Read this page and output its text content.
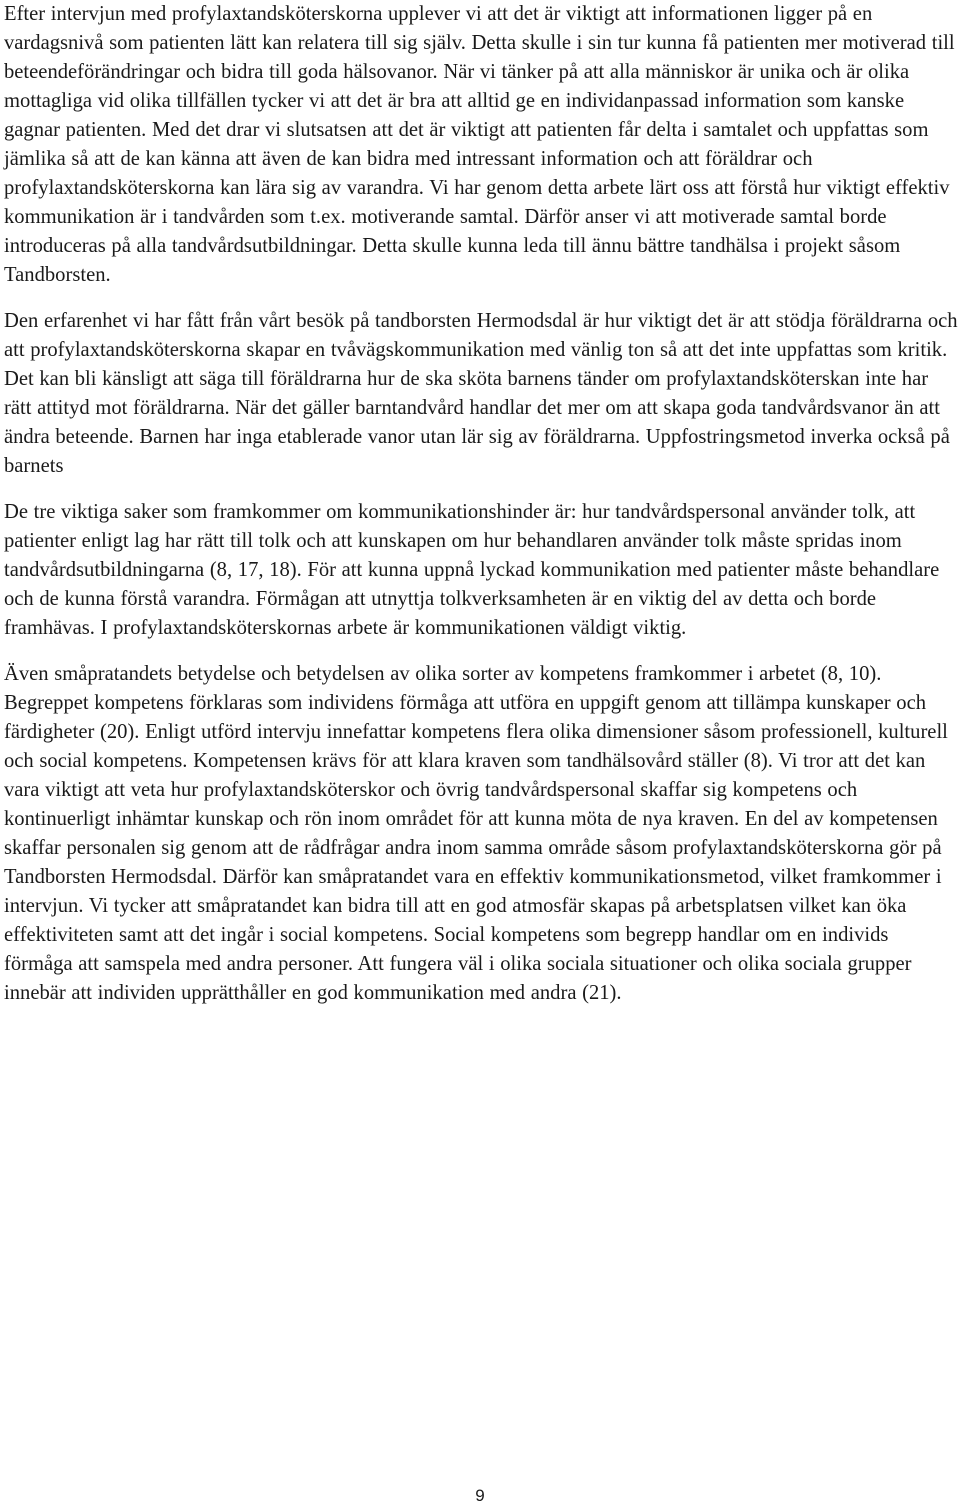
Efter intervjun med profylaxtandsköterskorna upplever vi att det är viktigt att informationen ligger på en vardagsnivå som patienten lätt kan relatera till sig själv. Detta skulle i sin tur kunna få patienten mer motiverad till beteendeförändringar och bidra till goda hälsovanor. När vi tänker på att alla människor är unika och är olika mottagliga vid olika tillfällen tycker vi att det är bra att alltid ge en individanpassad information som kanske gagnar patienten. Med det drar vi slutsatsen att det är viktigt att patienten får delta i samtalet och uppfattas som jämlika så att de kan känna att även de kan bidra med intressant information och att föräldrar och profylaxtandsköterskorna kan lära sig av varandra. Vi har genom detta arbete lärt oss att förstå hur viktigt effektiv kommunikation är i tandvården som t.ex. motiverande samtal. Därför anser vi att motiverade samtal borde introduceras på alla tandvårdsutbildningar. Detta skulle kunna leda till ännu bättre tandhälsa i projekt såsom Tandborsten.

Den erfarenhet vi har fått från vårt besök på tandborsten Hermodsdal är hur viktigt det är att stödja föräldrarna och att profylaxtandsköterskorna skapar en tvåvägskommunikation med vänlig ton så att det inte uppfattas som kritik. Det kan bli känsligt att säga till föräldrarna hur de ska sköta barnens tänder om profylaxtandsköterskan inte har rätt attityd mot föräldrarna. När det gäller barntandvård handlar det mer om att skapa goda tandvårdsvanor än att ändra beteende. Barnen har inga etablerade vanor utan lär sig av föräldrarna. Uppfostringsmetod inverka också på barnets

De tre viktiga saker som framkommer om kommunikationshinder är: hur tandvårdspersonal använder tolk, att patienter enligt lag har rätt till tolk och att kunskapen om hur behandlaren använder tolk måste spridas inom tandvårdsutbildningarna (8, 17, 18). För att kunna uppnå lyckad kommunikation med patienter måste behandlare och de kunna förstå varandra. Förmågan att utnyttja tolkverksamheten är en viktig del av detta och borde framhävas. I profylaxtandsköterskornas arbete är kommunikationen väldigt viktig.

Även småpratandets betydelse och betydelsen av olika sorter av kompetens framkommer i arbetet (8, 10). Begreppet kompetens förklaras som individens förmåga att utföra en uppgift genom att tillämpa kunskaper och färdigheter (20). Enligt utförd intervju innefattar kompetens flera olika dimensioner såsom professionell, kulturell och social kompetens. Kompetensen krävs för att klara kraven som tandhälsovård ställer (8). Vi tror att det kan vara viktigt att veta hur profylaxtandsköterskor och övrig tandvårdspersonal skaffar sig kompetens och kontinuerligt inhämtar kunskap och rön inom området för att kunna möta de nya kraven. En del av kompetensen skaffar personalen sig genom att de rådfrågar andra inom samma område såsom profylaxtandsköterskorna gör på Tandborsten Hermodsdal. Därför kan småpratandet vara en effektiv kommunikationsmetod, vilket framkommer i intervjun. Vi tycker att småpratandet kan bidra till att en god atmosfär skapas på arbetsplatsen vilket kan öka effektiviteten samt att det ingår i social kompetens. Social kompetens som begrepp handlar om en individs förmåga att samspela med andra personer. Att fungera väl i olika sociala situationer och olika sociala grupper innebär att individen upprätthåller en god kommunikation med andra (21).

9
